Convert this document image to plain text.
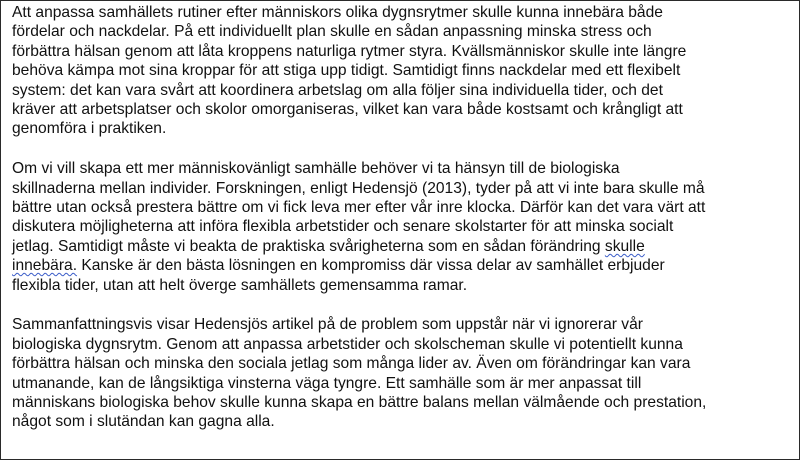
Att anpassa samhällets rutiner efter människors olika dygnsrytmer skulle kunna innebära både
fördelar och nackdelar. På ett individuellt plan skulle en sådan anpassning minska stress och
förbättra hälsan genom att låta kroppens naturliga rytmer styra. Kvällsmänniskor skulle inte längre
behöva kämpa mot sina kroppar för att stiga upp tidigt. Samtidigt finns nackdelar med ett flexibelt
system: det kan vara svårt att koordinera arbetslag om alla följer sina individuella tider, och det
kräver att arbetsplatser och skolor omorganiseras, vilket kan vara både kostsamt och krångligt att
genomföra i praktiken.

Om vi vill skapa ett mer människovänligt samhälle behöver vi ta hänsyn till de biologiska
skillnaderna mellan individer. Forskningen, enligt Hedensjö (2013), tyder på att vi inte bara skulle må
bättre utan också prestera bättre om vi fick leva mer efter vår inre klocka. Därför kan det vara värt att
diskutera möjligheterna att införa flexibla arbetstider och senare skolstarter för att minska socialt
jetlag. Samtidigt måste vi beakta de praktiska svårigheterna som en sådan förändring skulle
innebära. Kanske är den bästa lösningen en kompromiss där vissa delar av samhället erbjuder
flexibla tider, utan att helt överge samhällets gemensamma ramar.

Sammanfattningsvis visar Hedensjös artikel på de problem som uppstår när vi ignorerar vår
biologiska dygnsrytm. Genom att anpassa arbetstider och skolscheman skulle vi potentiellt kunna
förbättra hälsan och minska den sociala jetlag som många lider av. Även om förändringar kan vara
utmanande, kan de långsiktiga vinsterna väga tyngre. Ett samhälle som är mer anpassat till
människans biologiska behov skulle kunna skapa en bättre balans mellan välmående och prestation,
något som i slutändan kan gagna alla.
